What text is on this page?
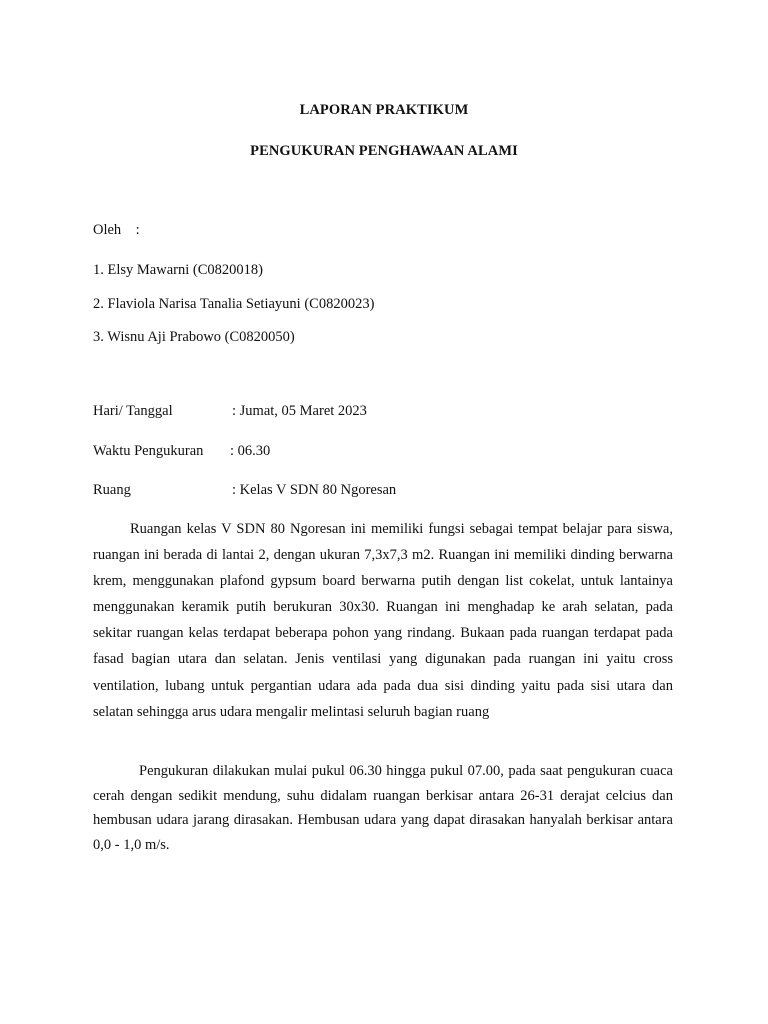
LAPORAN PRAKTIKUM
PENGUKURAN PENGHAWAAN ALAMI
Oleh    :
1. Elsy Mawarni (C0820018)
2. Flaviola Narisa Tanalia Setiayuni (C0820023)
3. Wisnu Aji Prabowo (C0820050)
Hari/ Tanggal	: Jumat, 05 Maret 2023
Waktu Pengukuran : 06.30
Ruang	: Kelas V SDN 80 Ngoresan

Ruangan kelas V SDN 80 Ngoresan ini memiliki fungsi sebagai tempat belajar para siswa, ruangan ini berada di lantai 2, dengan ukuran 7,3x7,3 m2. Ruangan ini memiliki dinding berwarna krem, menggunakan plafond gypsum board berwarna putih dengan list cokelat, untuk lantainya menggunakan keramik putih berukuran 30x30. Ruangan ini menghadap ke arah selatan, pada sekitar ruangan kelas terdapat beberapa pohon yang rindang. Bukaan pada ruangan terdapat pada fasad bagian utara dan selatan. Jenis ventilasi yang digunakan pada ruangan ini yaitu cross ventilation, lubang untuk pergantian udara ada pada dua sisi dinding yaitu pada sisi utara dan selatan sehingga arus udara mengalir melintasi seluruh bagian ruang

Pengukuran dilakukan mulai pukul 06.30 hingga pukul 07.00, pada saat pengukuran cuaca cerah dengan sedikit mendung, suhu didalam ruangan berkisar antara 26-31 derajat celcius dan hembusan udara jarang dirasakan. Hembusan udara yang dapat dirasakan hanyalah berkisar antara 0,0 - 1,0 m/s.
